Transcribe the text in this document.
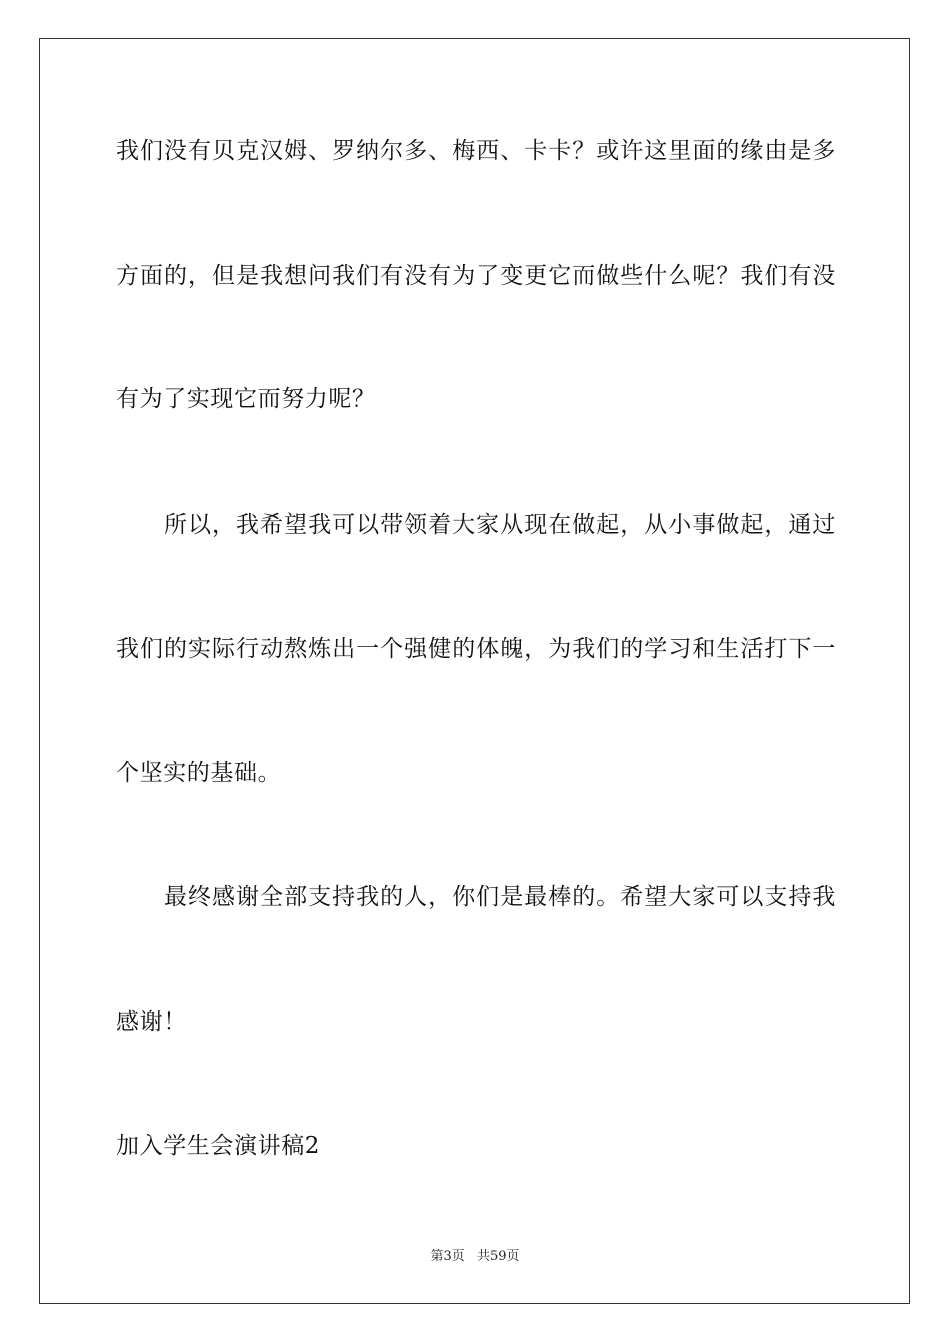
我们没有贝克汉姆、罗纳尔多、梅西、卡卡？或许这里面的缘由是多
方面的，但是我想问我们有没有为了变更它而做些什么呢？我们有没
有为了实现它而努力呢？
所以，我希望我可以带领着大家从现在做起，从小事做起，通过
我们的实际行动熬炼出一个强健的体魄，为我们的学习和生活打下一
个坚实的基础。
最终感谢全部支持我的人，你们是最棒的。希望大家可以支持我
感谢！
加入学生会演讲稿2
第3页 共59页
